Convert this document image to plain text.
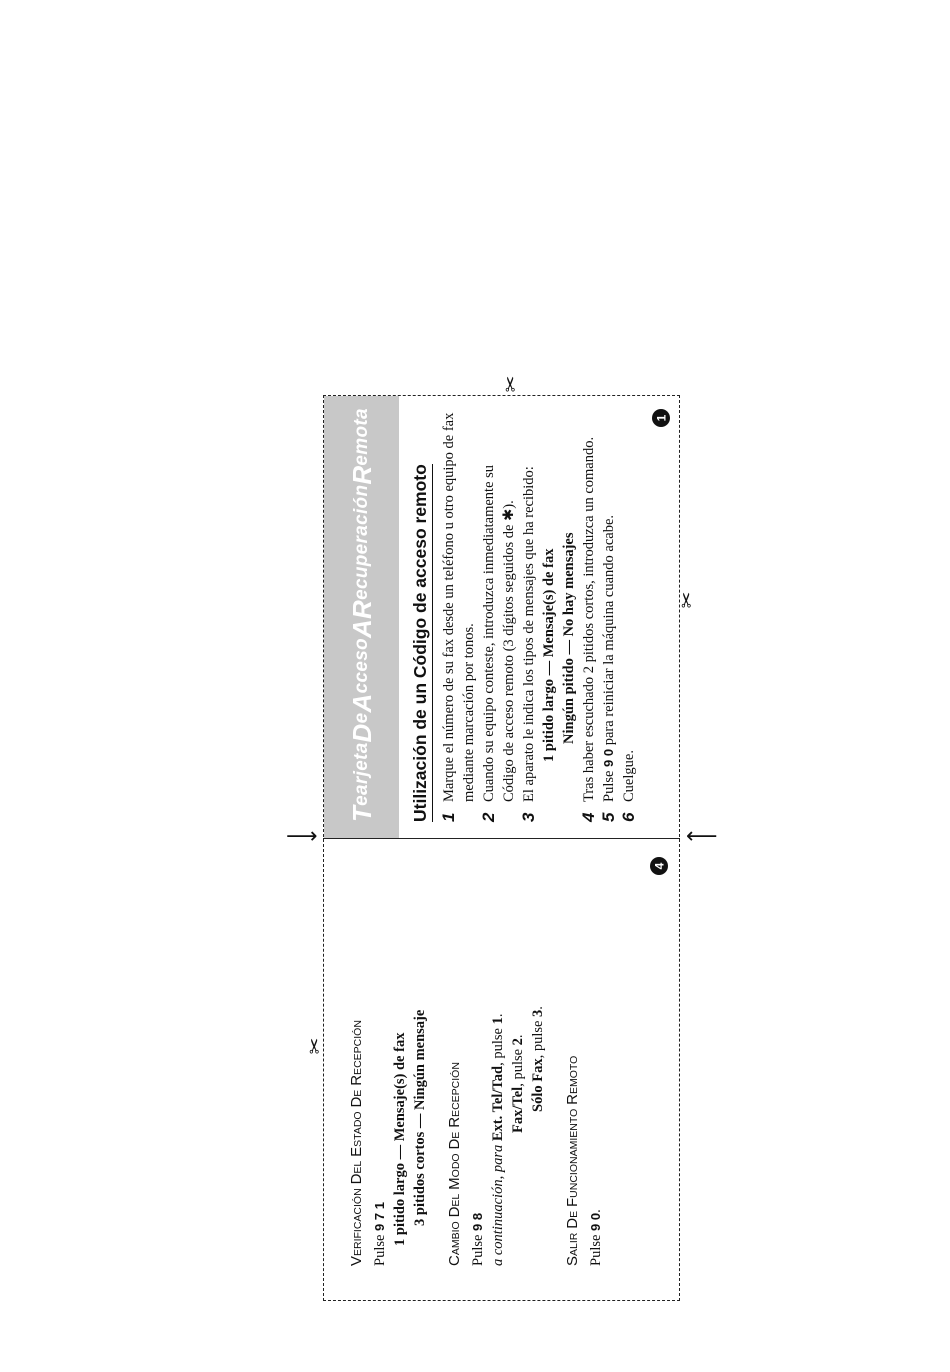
⟶	⟵
✂
✂
✂
1
4
T
earjeta
D
e
A
cceso
A
R
ecuperación
R
emota
Utilización de un Código de acceso remoto 1
Marque el número de su fax desde un teléfono u otro equipo de fax mediante marcación por tonos.
2
Cuando su equipo conteste, introduzca inmediatamente su Código de acceso remoto (3 dígitos seguidos de ✱).
3
El aparato le indica los tipos de mensajes que ha recibido: 1 pitido largo — Mensaje(s) de fax Ningún pitido — No hay mensajes
4
Tras haber escuchado 2 pitidos cortos, introduzca un comando.
5
Pulse 9 0 para reiniciar la máquina cuando acabe.
6
Cuelgue.
VERIFICACIÓN DEL ESTADO DE RECEPCIÓN
Pulse 9 7 1 1 pitido largo — Mensaje(s) de fax 3 pitidos cortos — Ningún mensaje
CAMBIO DEL MODO DE RECEPCIÓN
Pulse 9 8 a continuación, para Ext. Tel/Tad, pulse 1.
Fax/Tel, pulse 2.
Sólo Fax, pulse 3.
SALIR DE FUNCIONAMIENTO REMOTO
Pulse 9 0.
